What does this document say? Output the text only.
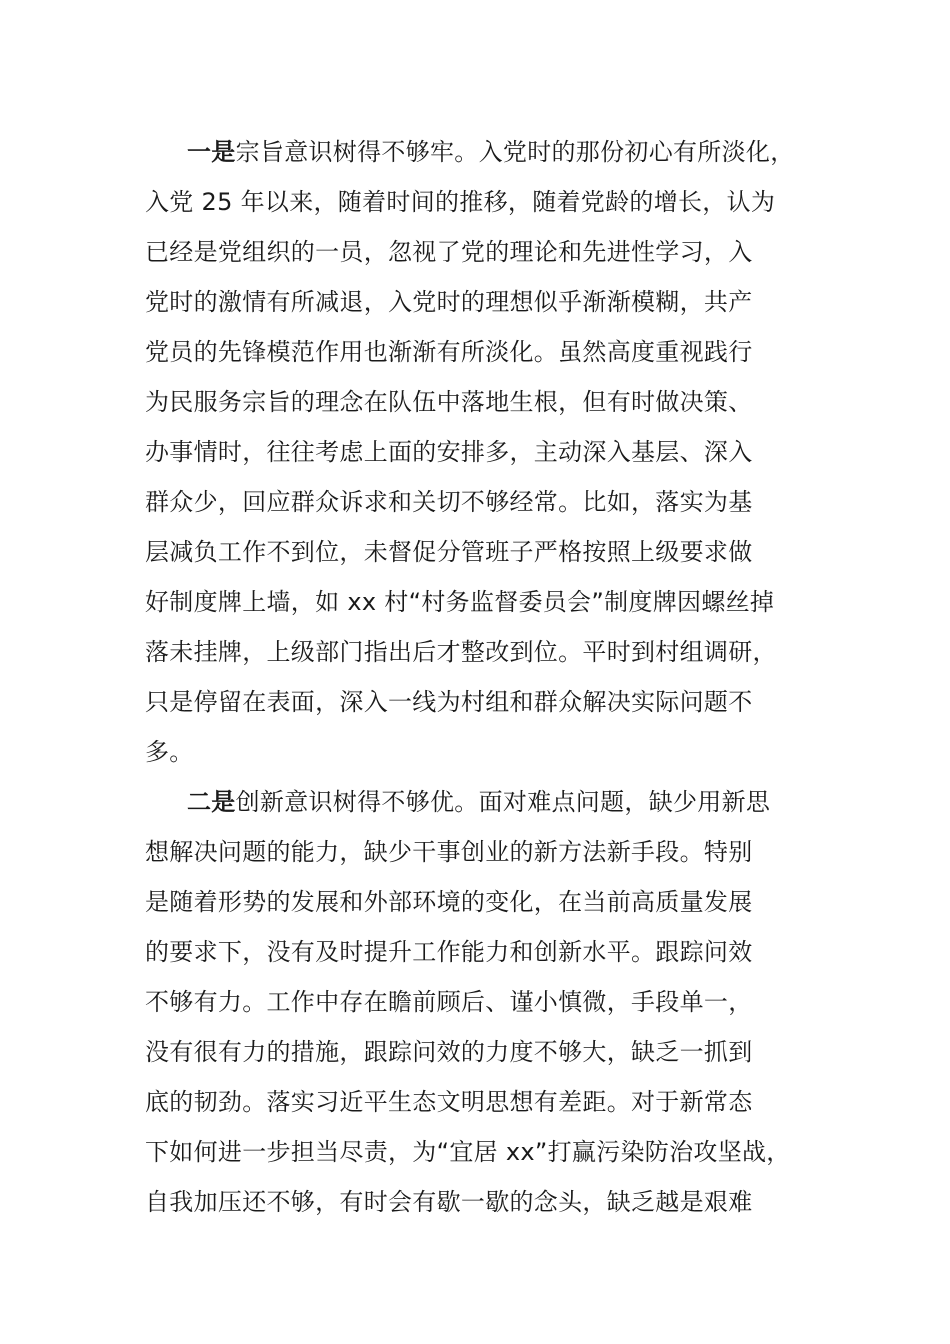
一是宗旨意识树得不够牢。入党时的那份初心有所淡化，
入党 25 年以来，随着时间的推移，随着党龄的增长，认为
已经是党组织的一员，忽视了党的理论和先进性学习，入
党时的激情有所减退，入党时的理想似乎渐渐模糊，共产
党员的先锋模范作用也渐渐有所淡化。虽然高度重视践行
为民服务宗旨的理念在队伍中落地生根，但有时做决策、
办事情时，往往考虑上面的安排多，主动深入基层、深入
群众少，回应群众诉求和关切不够经常。比如，落实为基
层减负工作不到位，未督促分管班子严格按照上级要求做
好制度牌上墙，如 xx 村“村务监督委员会”制度牌因螺丝掉
落未挂牌，上级部门指出后才整改到位。平时到村组调研，
只是停留在表面，深入一线为村组和群众解决实际问题不
多。
二是创新意识树得不够优。面对难点问题，缺少用新思
想解决问题的能力，缺少干事创业的新方法新手段。特别
是随着形势的发展和外部环境的变化，在当前高质量发展
的要求下，没有及时提升工作能力和创新水平。跟踪问效
不够有力。工作中存在瞻前顾后、谨小慎微，手段单一，
没有很有力的措施，跟踪问效的力度不够大，缺乏一抓到
底的韧劲。落实习近平生态文明思想有差距。对于新常态
下如何进一步担当尽责，为“宜居 xx”打赢污染防治攻坚战，
自我加压还不够，有时会有歇一歇的念头，缺乏越是艰难
